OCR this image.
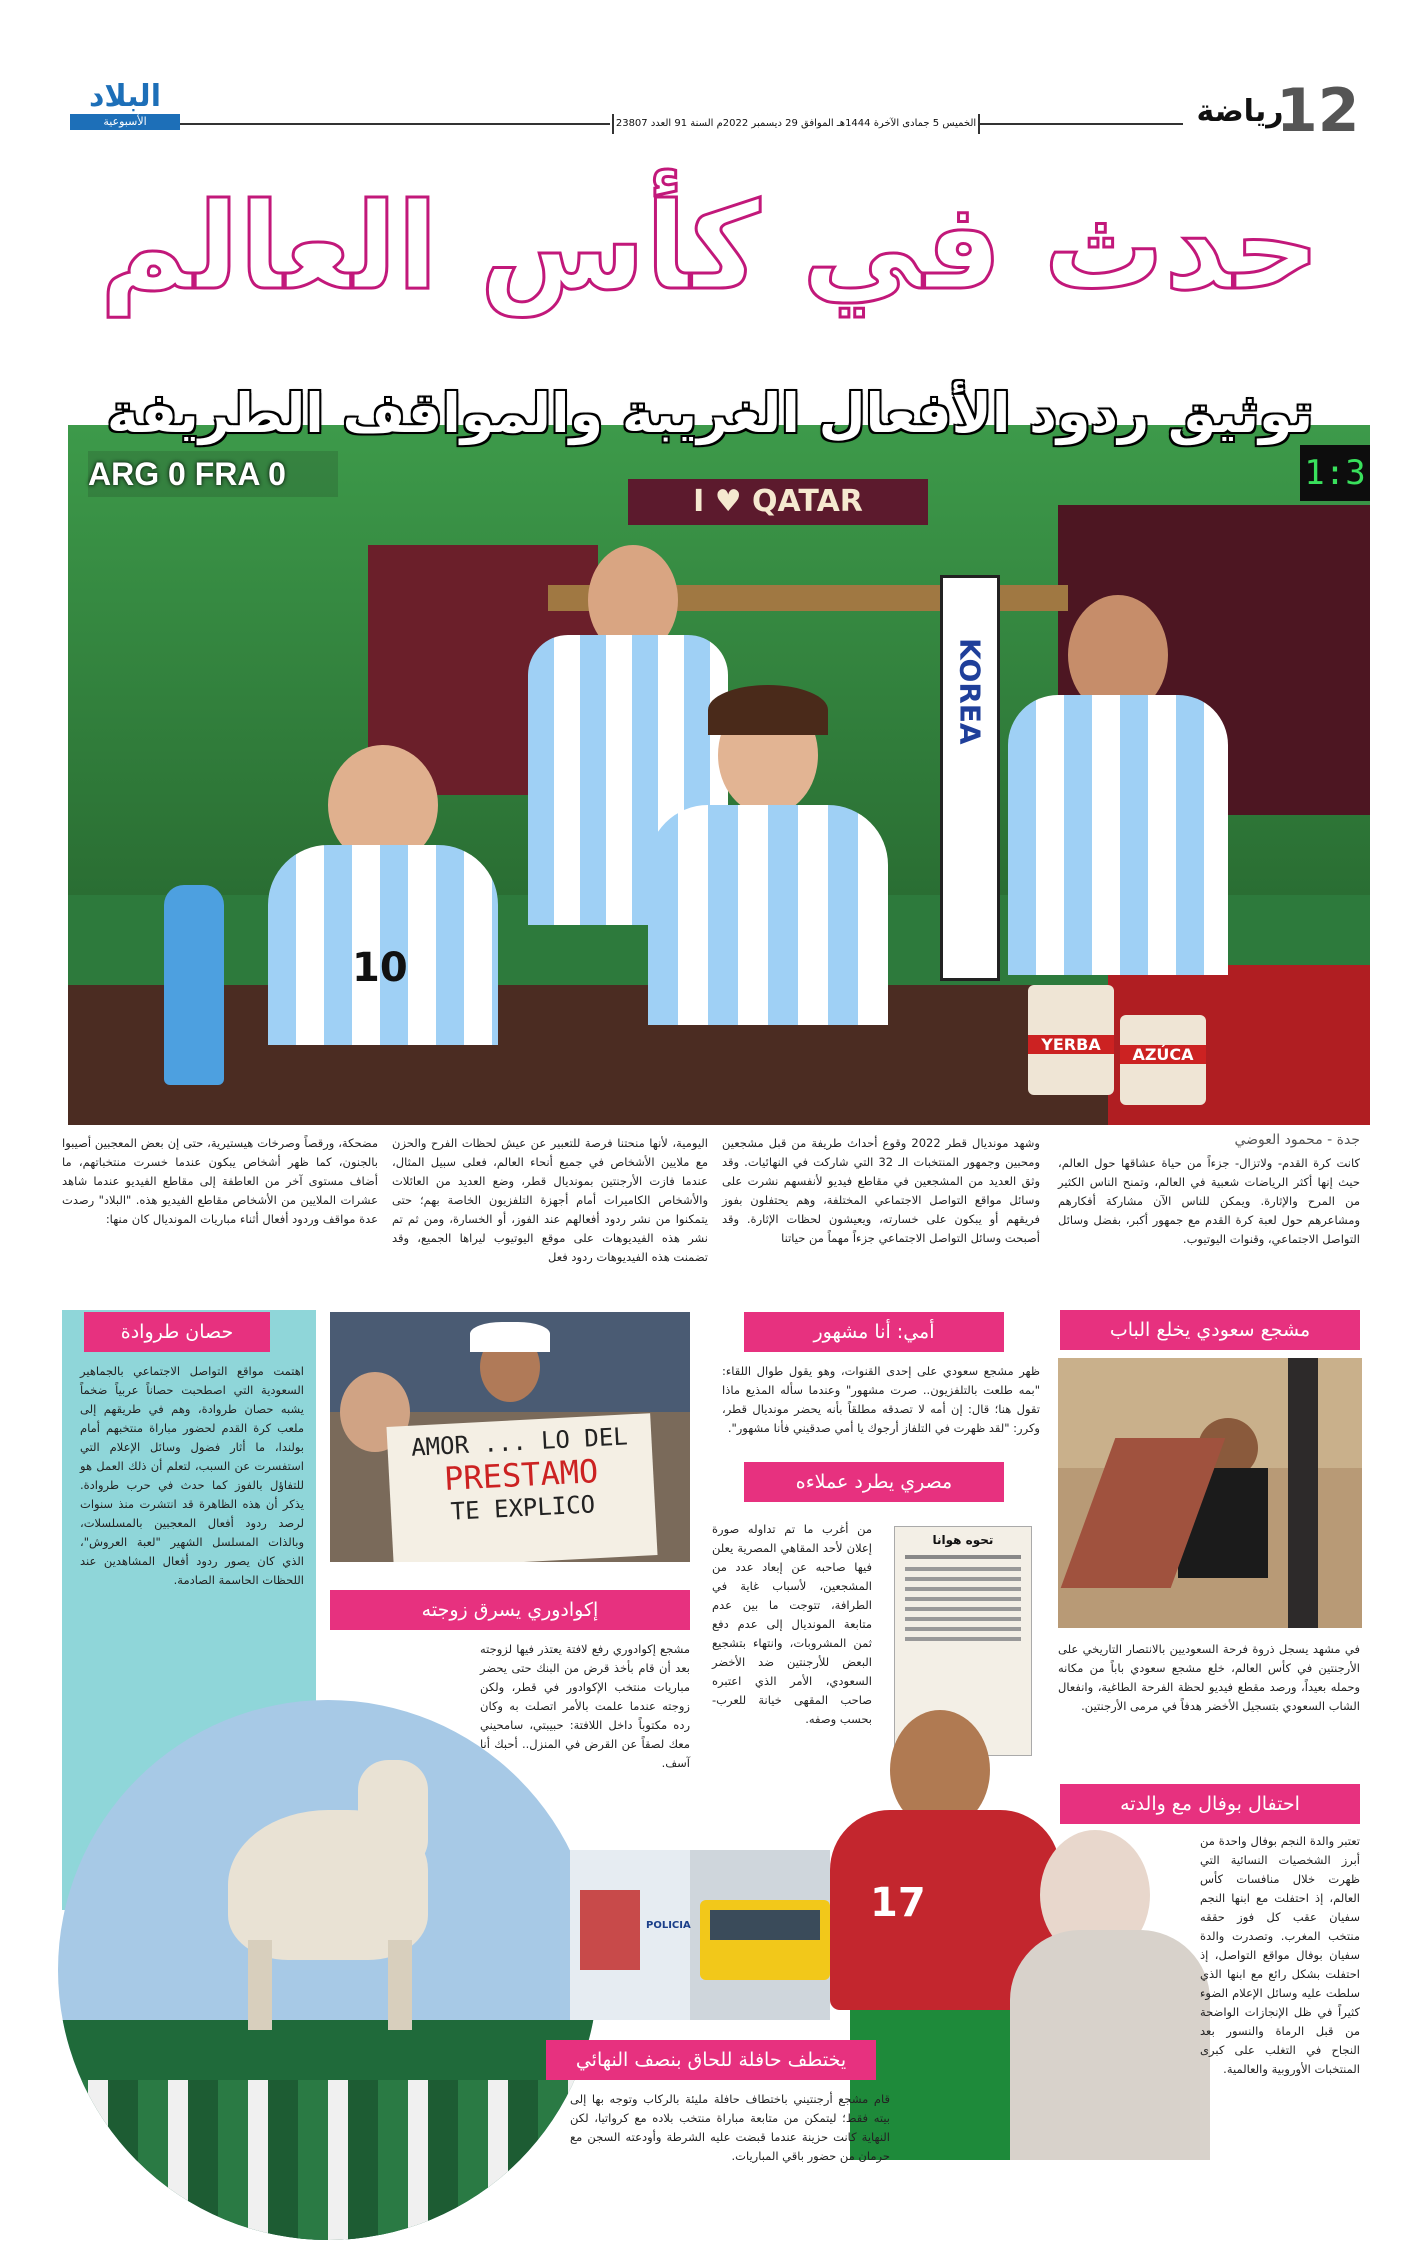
البلاد
الأسبوعية	الخميس 5 جمادى الآخرة 1444هـ الموافق 29 ديسمبر 2022م السنة 91 العدد 23807	رياضة
12
حدث في كأس العالم
توثيق ردود الأفعال الغريبة والمواقف الطريفة
I ♥ QATAR
ARG 0 FRA 0	1:3
10
KOREA
YERBA
AZÚCA
جدة - محمود العوضي
كانت كرة القدم- ولاتزال- جزءاً من حياة عشاقها حول العالم، حيث إنها أكثر الرياضات شعبية في العالم، وتمنح الناس الكثير من المرح والإثارة. ويمكن للناس الآن مشاركة أفكارهم ومشاعرهم حول لعبة كرة القدم مع جمهور أكبر، بفضل وسائل التواصل الاجتماعي، وقنوات اليوتيوب.
وشهد مونديال قطر 2022 وقوع أحداث طريفة من قبل مشجعين ومحبين وجمهور المنتخبات الـ 32 التي شاركت في النهائيات. وقد وثق العديد من المشجعين في مقاطع فيديو لأنفسهم نشرت على وسائل مواقع التواصل الاجتماعي المختلفة، وهم يحتفلون بفوز فريقهم أو يبكون على خسارته، ويعيشون لحظات الإثارة. وقد أصبحت وسائل التواصل الاجتماعي جزءاً مهماً من حياتنا
اليومية، لأنها منحتنا فرصة للتعبير عن عيش لحظات الفرح والحزن مع ملايين الأشخاص في جميع أنحاء العالم، فعلى سبيل المثال، عندما فازت الأرجنتين بمونديال قطر، وضع العديد من العائلات والأشخاص الكاميرات أمام أجهزة التلفزيون الخاصة بهم؛ حتى يتمكنوا من نشر ردود أفعالهم عند الفوز، أو الخسارة، ومن ثم تم نشر هذه الفيديوهات على موقع اليوتيوب ليراها الجميع، وقد تضمنت هذه الفيديوهات ردود فعل
مضحكة، ورقصاً وصرخات هيستيرية، حتى إن بعض المعجبين أصيبوا بالجنون، كما ظهر أشخاص يبكون عندما خسرت منتخباتهم، ما أضاف مستوى آخر من العاطفة إلى مقاطع الفيديو عندما شاهد عشرات الملايين من الأشخاص مقاطع الفيديو هذه. "البلاد" رصدت عدة مواقف وردود أفعال أثناء مباريات المونديال كان منها:
مشجع سعودي يخلع الباب
في مشهد يسجل ذروة فرحة السعوديين بالانتصار التاريخي على الأرجنتين في كأس العالم، خلع مشجع سعودي باباً من مكانه وحمله بعيداً، ورصد مقطع فيديو لحظة الفرحة الطاغية، وانفعال الشاب السعودي بتسجيل الأخضر هدفاً في مرمى الأرجنتين.
أمي: أنا مشهور
ظهر مشجع سعودي على إحدى القنوات، وهو يقول طوال اللقاء: "بمه طلعت بالتلفزيون.. صرت مشهور" وعندما سأله المذيع ماذا تقول هنا؛ قال: إن أمه لا تصدقه مطلقاً بأنه يحضر مونديال قطر، وكرر: "لقد ظهرت في التلفاز أرجوك يا أمي صدقيني فأنا مشهور".
مصري يطرد عملاءه
من أغرب ما تم تداوله صورة إعلان لأحد المقاهي المصرية يعلن فيها صاحبه عن إبعاد عدد من المشجعين، لأسباب غاية في الطرافة، تتوجت ما بين عدم متابعة المونديال إلى عدم دفع ثمن المشروبات، وانتهاء بتشجيع البعض للأرجنتين ضد الأخضر السعودي، الأمر الذي اعتبره صاحب المقهى خيانة للعرب- بحسب وصفه.
تحوه هوانا
AMOR ... LO DEL
PRESTAMO
TE EXPLICO
إكوادوري يسرق زوجته
مشجع إكوادوري رفع لافتة يعتذر فيها لزوجته بعد أن قام بأخذ قرض من البنك حتى يحضر مباريات منتخب الإكوادور في قطر، ولكن زوجته عندما علمت بالأمر اتصلت به وكان رده مكتوباً داخل اللافتة: حبيبتي، سامحيني معك لصقاً عن القرض في المنزل.. أحبك أنا آسف.
حصان طروادة
اهتمت مواقع التواصل الاجتماعي بالجماهير السعودية التي اصطحبت حصاناً عربياً ضخماً يشبه حصان طروادة، وهم في طريقهم إلى ملعب كرة القدم لحضور مباراة منتخبهم أمام بولندا، ما أثار فضول وسائل الإعلام التي استفسرت عن السبب، لتعلم أن ذلك العمل هو للتفاؤل بالفوز كما حدث في حرب طروادة. يذكر أن هذه الظاهرة قد انتشرت منذ سنوات لرصد ردود أفعال المعجبين بالمسلسلات، وبالذات المسلسل الشهير "لعبة العروش"، الذي كان يصور ردود أفعال المشاهدين عند اللحظات الحاسمة الصادمة.
17
احتفال بوفال مع والدته
تعتبر والدة النجم بوفال واحدة من أبرز الشخصيات النسائية التي ظهرت خلال منافسات كأس العالم، إذ احتفلت مع ابنها النجم سفيان عقب كل فوز حققه منتخب المغرب. وتصدرت والدة سفيان بوفال مواقع التواصل، إذ احتفلت بشكل رائع مع ابنها الذي سلطت عليه وسائل الإعلام الضوء كثيراً في ظل الإنجازات الواضحة من قبل الرماة والنسور بعد النجاح في التغلب على كبرى المنتخبات الأوروبية والعالمية.
POLICIA
يختطف حافلة للحاق بنصف النهائي
قام مشجع أرجنتيني باختطاف حافلة مليئة بالركاب وتوجه بها إلى بيته فقط؛ ليتمكن من متابعة مباراة منتخب بلاده مع كرواتيا، لكن النهاية كانت حزينة عندما قبضت عليه الشرطة وأودعته السجن مع حرمان من حضور باقي المباريات.
